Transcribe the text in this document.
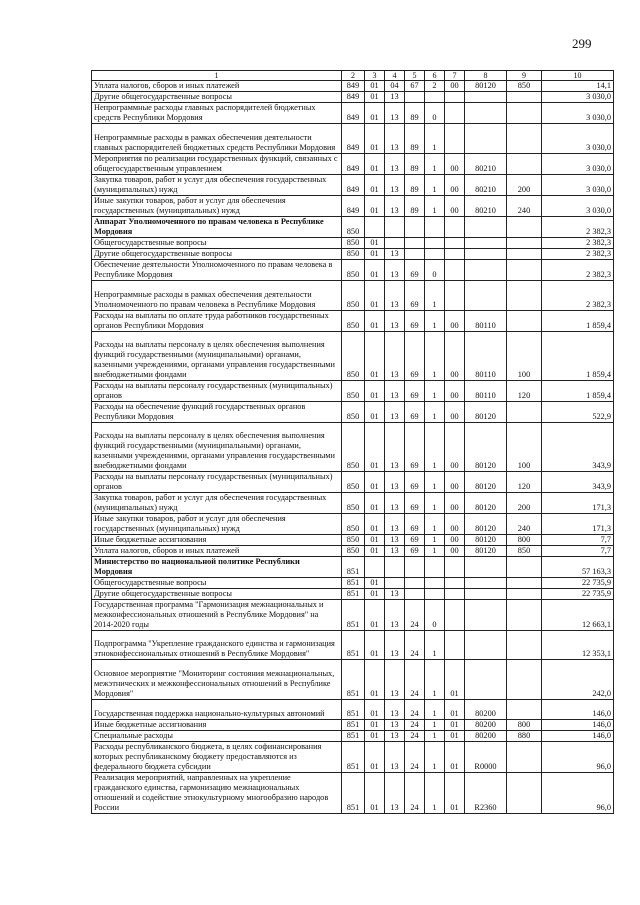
299
1	2	3	4	5	6	7	8	9	10
Уплата налогов, сборов и иных платежей	849	01	04	67	2	00	80120	850	14,1
Другие общегосударственные вопросы	849	01	13						3 030,0
Непрограммные расходы главных распорядителей бюджетных средств Республики Мордовия	849	01	13	89	0				3 030,0
Непрограммные расходы в рамках обеспечения деятельности главных распорядителей бюджетных средств Республики Мордовия	849	01	13	89	1				3 030,0
Мероприятия по реализации государственных функций, связанных с общегосударственным управлением	849	01	13	89	1	00	80210		3 030,0
Закупка товаров, работ и услуг для обеспечения государственных (муниципальных) нужд	849	01	13	89	1	00	80210	200	3 030,0
Иные закупки товаров, работ и услуг для обеспечения государственных (муниципальных) нужд	849	01	13	89	1	00	80210	240	3 030,0
Аппарат Уполномоченного по правам человека в Республике Мордовия	850								2 382,3
Общегосударственные вопросы	850	01							2 382,3
Другие общегосударственные вопросы	850	01	13						2 382,3
Обеспечение деятельности Уполномоченного по правам человека в Республике Мордовия	850	01	13	69	0				2 382,3
Непрограммные расходы в рамках обеспечения деятельности Уполномоченного по правам человека в Республике Мордовия	850	01	13	69	1				2 382,3
Расходы на выплаты по оплате труда работников государственных органов Республики Мордовия	850	01	13	69	1	00	80110		1 859,4
Расходы на выплаты персоналу в целях обеспечения выполнения функций государственными (муниципальными) органами, казенными учреждениями, органами управления государственными внебюджетными фондами	850	01	13	69	1	00	80110	100	1 859,4
Расходы на выплаты персоналу государственных (муниципальных) органов	850	01	13	69	1	00	80110	120	1 859,4
Расходы на обеспечение функций государственных органов Республики Мордовия	850	01	13	69	1	00	80120		522,9
Расходы на выплаты персоналу в целях обеспечения выполнения функций государственными (муниципальными) органами, казенными учреждениями, органами управления государственными внебюджетными фондами	850	01	13	69	1	00	80120	100	343,9
Расходы на выплаты персоналу государственных (муниципальных) органов	850	01	13	69	1	00	80120	120	343,9
Закупка товаров, работ и услуг для обеспечения государственных (муниципальных) нужд	850	01	13	69	1	00	80120	200	171,3
Иные закупки товаров, работ и услуг для обеспечения государственных (муниципальных) нужд	850	01	13	69	1	00	80120	240	171,3
Иные бюджетные ассигнования	850	01	13	69	1	00	80120	800	7,7
Уплата налогов, сборов и иных платежей	850	01	13	69	1	00	80120	850	7,7
Министерство по национальной политике Республики Мордовия	851								57 163,3
Общегосударственные вопросы	851	01							22 735,9
Другие общегосударственные вопросы	851	01	13						22 735,9
Государственная программа "Гармонизация межнациональных и межконфессиональных отношений в Республике Мордовия" на 2014-2020 годы	851	01	13	24	0				12 663,1
Подпрограмма "Укрепление гражданского единства и гармонизация этноконфессиональных отношений в Республике Мордовия"	851	01	13	24	1				12 353,1
Основное мероприятие "Мониторинг состояния межнациональных, межэтнических и межконфессиональных отношений в Республике Мордовия"	851	01	13	24	1	01			242,0
Государственная поддержка национально-культурных автономий	851	01	13	24	1	01	80200		146,0
Иные бюджетные ассигнования	851	01	13	24	1	01	80200	800	146,0
Специальные расходы	851	01	13	24	1	01	80200	880	146,0
Расходы республиканского бюджета, в целях софинансирования которых республиканскому бюджету предоставляются из федерального бюджета субсидии	851	01	13	24	1	01	R0000		96,0
Реализация мероприятий, направленных на укрепление гражданского единства, гармонизацию межнациональных отношений и содействие этнокультурному многообразию народов России	851	01	13	24	1	01	R2360		96,0
